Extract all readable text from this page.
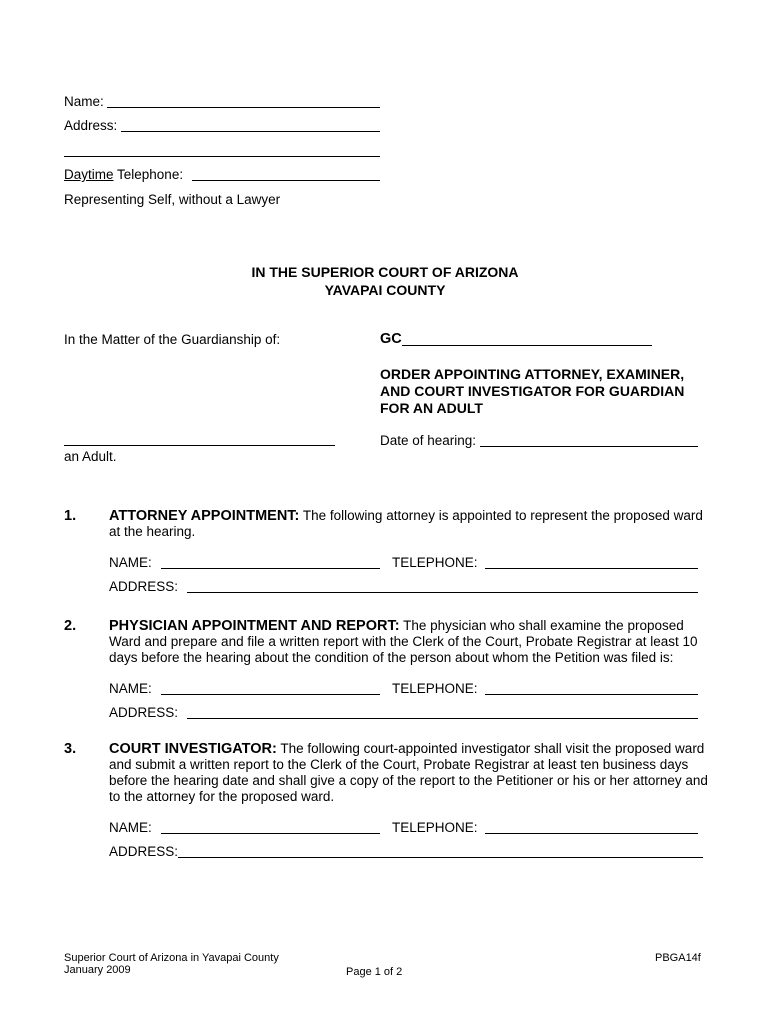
Name:
Address:
Daytime Telephone:
Representing Self, without a Lawyer
IN THE SUPERIOR COURT OF ARIZONA
YAVAPAI COUNTY
In the Matter of the Guardianship of:	GC
ORDER APPOINTING ATTORNEY, EXAMINER,
AND COURT INVESTIGATOR FOR GUARDIAN
FOR AN ADULT
Date of hearing:
an Adult.
1. ATTORNEY APPOINTMENT: The following attorney is appointed to represent the proposed ward at the hearing.
NAME:	TELEPHONE:
ADDRESS:
2. PHYSICIAN APPOINTMENT AND REPORT: The physician who shall examine the proposed Ward and prepare and file a written report with the Clerk of the Court, Probate Registrar at least 10 days before the hearing about the condition of the person about whom the Petition was filed is:
NAME:	TELEPHONE:
ADDRESS:
3. COURT INVESTIGATOR: The following court-appointed investigator shall visit the proposed ward and submit a written report to the Clerk of the Court, Probate Registrar at least ten business days before the hearing date and shall give a copy of the report to the Petitioner or his or her attorney and to the attorney for the proposed ward.
NAME:	TELEPHONE:
ADDRESS:
Superior Court of Arizona in Yavapai County
January 2009	Page 1 of 2
PBGA14f
